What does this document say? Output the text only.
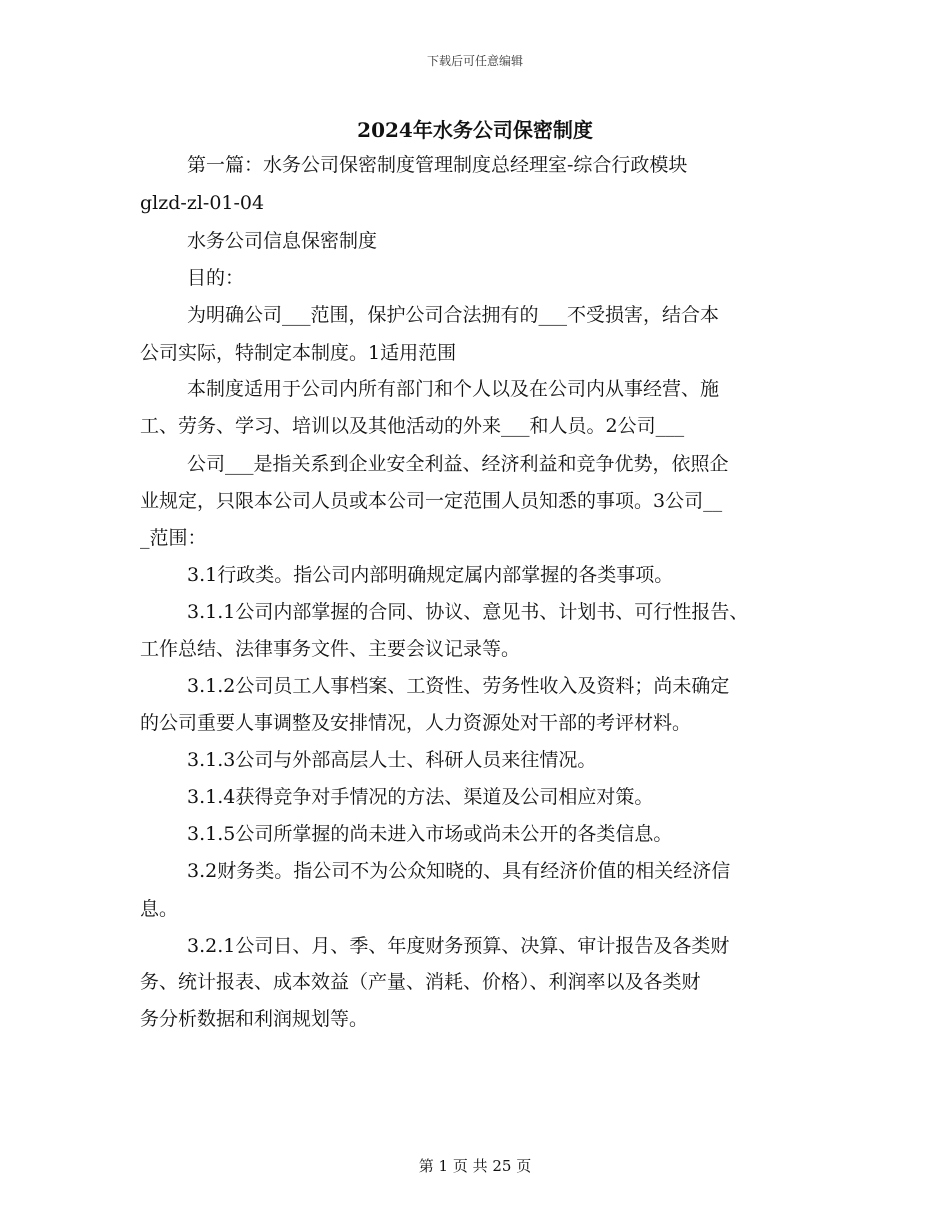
下载后可任意编辑
2024年水务公司保密制度
第一篇：水务公司保密制度管理制度总经理室-综合行政模块
glzd-zl-01-04
水务公司信息保密制度
目的：
为明确公司___范围，保护公司合法拥有的___不受损害，结合本
公司实际，特制定本制度。1适用范围
本制度适用于公司内所有部门和个人以及在公司内从事经营、施
工、劳务、学习、培训以及其他活动的外来___和人员。2公司___
公司___是指关系到企业安全利益、经济利益和竞争优势，依照企
业规定，只限本公司人员或本公司一定范围人员知悉的事项。3公司__
_范围：
3.1行政类。指公司内部明确规定属内部掌握的各类事项。
3.1.1公司内部掌握的合同、协议、意见书、计划书、可行性报告、
工作总结、法律事务文件、主要会议记录等。
3.1.2公司员工人事档案、工资性、劳务性收入及资料；尚未确定
的公司重要人事调整及安排情况，人力资源处对干部的考评材料。
3.1.3公司与外部高层人士、科研人员来往情况。
3.1.4获得竞争对手情况的方法、渠道及公司相应对策。
3.1.5公司所掌握的尚未进入市场或尚未公开的各类信息。
3.2财务类。指公司不为公众知晓的、具有经济价值的相关经济信
息。
3.2.1公司日、月、季、年度财务预算、决算、审计报告及各类财
务、统计报表、成本效益（产量、消耗、价格）、利润率以及各类财
务分析数据和利润规划等。
第 1 页 共 25 页
